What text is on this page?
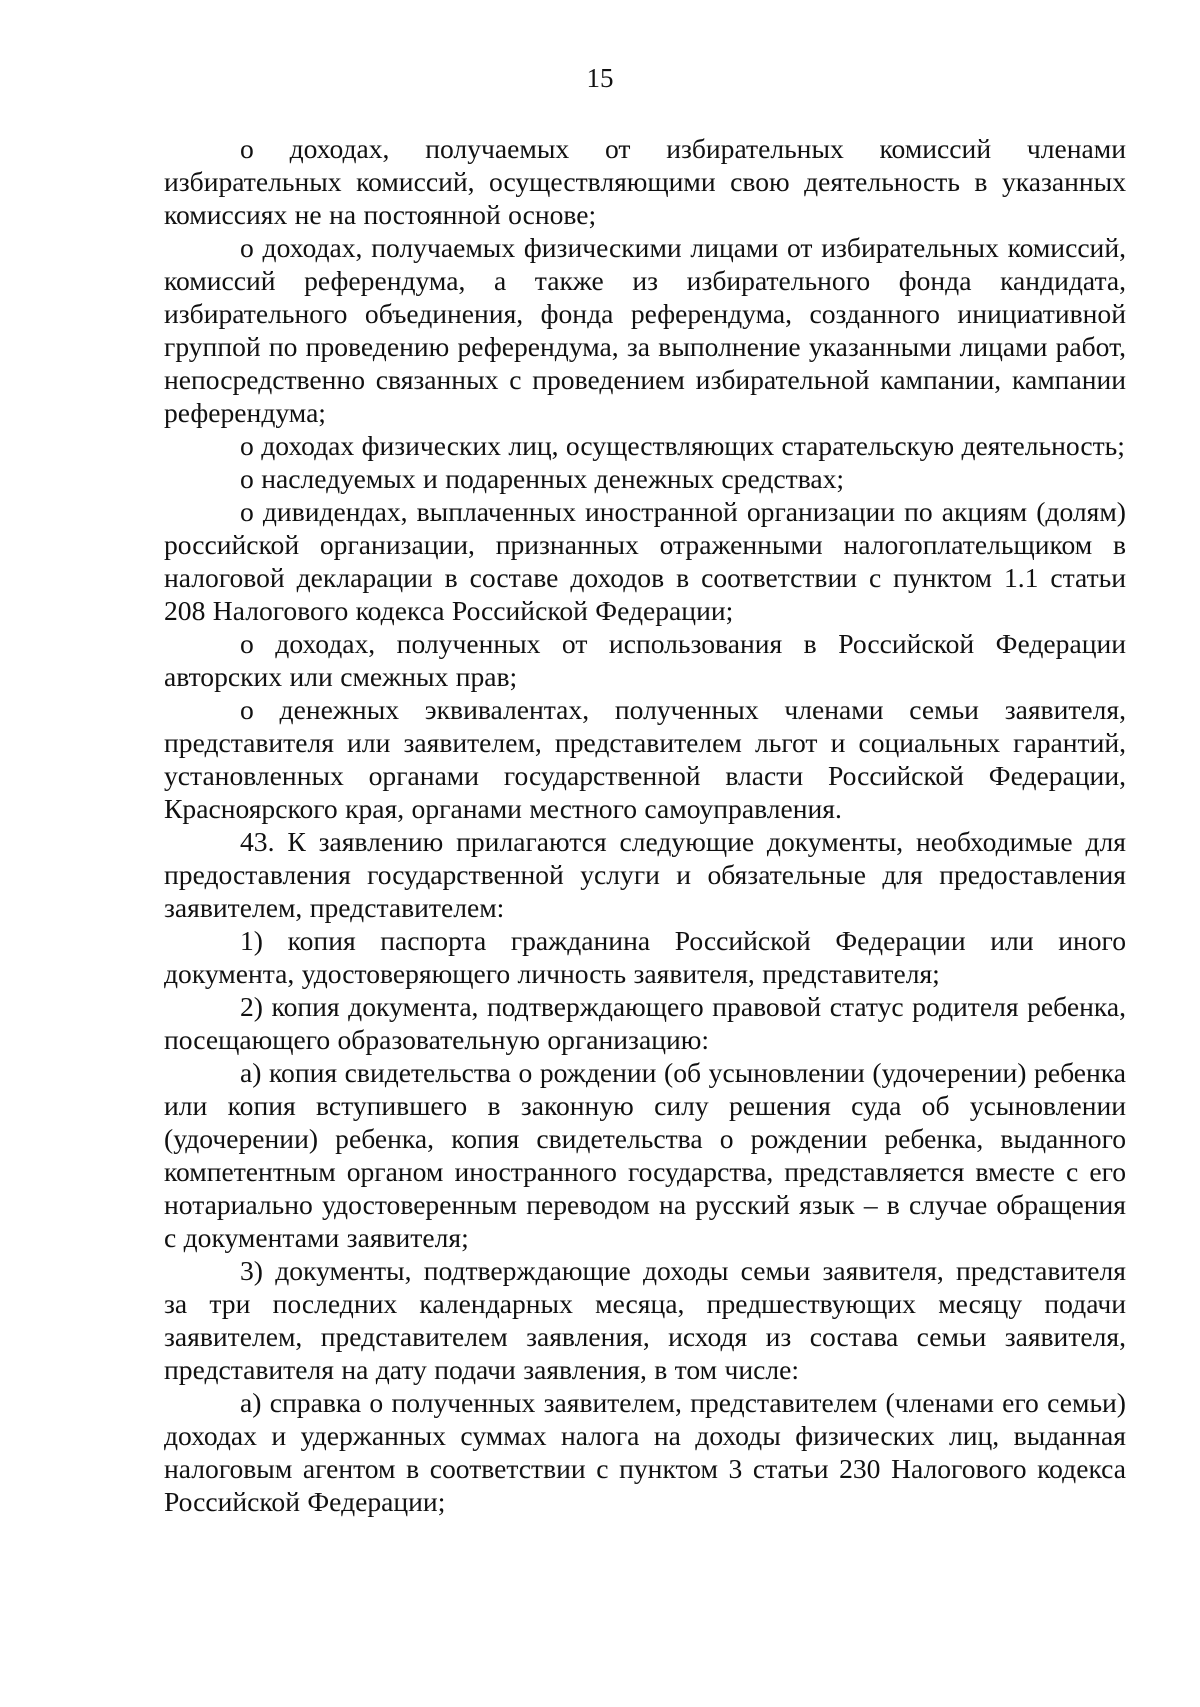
15

о доходах, получаемых от избирательных комиссий членами избирательных комиссий, осуществляющими свою деятельность в указанных комиссиях не на постоянной основе;

о доходах, получаемых физическими лицами от избирательных комиссий, комиссий референдума, а также из избирательного фонда кандидата, избирательного объединения, фонда референдума, созданного инициативной группой по проведению референдума, за выполнение указанными лицами работ, непосредственно связанных с проведением избирательной кампании, кампании референдума;

о доходах физических лиц, осуществляющих старательскую деятельность;

о наследуемых и подаренных денежных средствах;

о дивидендах, выплаченных иностранной организации по акциям (долям) российской организации, признанных отраженными налогоплательщиком в налоговой декларации в составе доходов в соответствии с пунктом 1.1 статьи 208 Налогового кодекса Российской Федерации;

о доходах, полученных от использования в Российской Федерации авторских или смежных прав;

о денежных эквивалентах, полученных членами семьи заявителя, представителя или заявителем, представителем льгот и социальных гарантий, установленных органами государственной власти Российской Федерации, Красноярского края, органами местного самоуправления.

43. К заявлению прилагаются следующие документы, необходимые для предоставления государственной услуги и обязательные для предоставления заявителем, представителем:

1) копия паспорта гражданина Российской Федерации или иного документа, удостоверяющего личность заявителя, представителя;

2) копия документа, подтверждающего правовой статус родителя ребенка, посещающего образовательную организацию:

а) копия свидетельства о рождении (об усыновлении (удочерении) ребенка или копия вступившего в законную силу решения суда об усыновлении (удочерении) ребенка, копия свидетельства о рождении ребенка, выданного компетентным органом иностранного государства, представляется вместе с его нотариально удостоверенным переводом на русский язык – в случае обращения с документами заявителя;

3) документы, подтверждающие доходы семьи заявителя, представителя за три последних календарных месяца, предшествующих месяцу подачи заявителем, представителем заявления, исходя из состава семьи заявителя, представителя на дату подачи заявления, в том числе:

а) справка о полученных заявителем, представителем (членами его семьи) доходах и удержанных суммах налога на доходы физических лиц, выданная налоговым агентом в соответствии с пунктом 3 статьи 230 Налогового кодекса Российской Федерации;
